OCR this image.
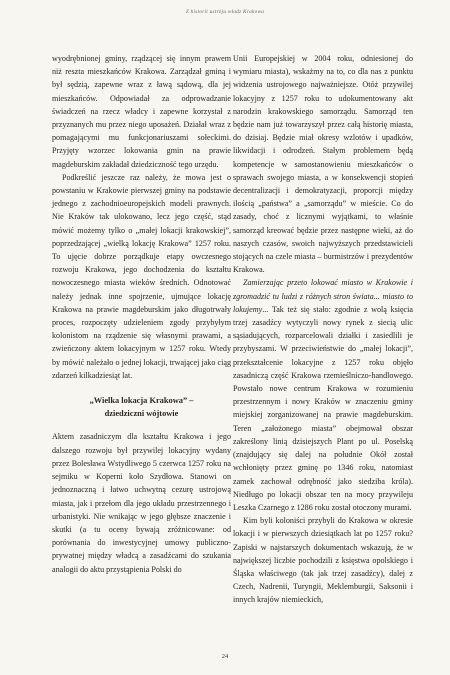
Z historii ustroju władz Krakowa

wyodrębnionej gminy, rządzącej się innym prawem niż reszta mieszkańców Krakowa. Zarządzał gminą i był sędzią, zapewne wraz z ławą sądową, dla jej mieszkańców. Odpowiadał za odprowadzanie świadczeń na rzecz władcy i zapewne korzystał z przyznanych mu przez niego uposażeń. Działał wraz z pomagającymi mu funkcjonariuszami sołeckimi. Przyjęty wzorzec lokowania gmin na prawie magdeburskim zakładał dziedziczność tego urzędu.

Podkreślić jeszcze raz należy, że mowa jest o powstaniu w Krakowie pierwszej gminy na podstawie jednego z zachodnioeuropejskich modeli prawnych. Nie Kraków tak ulokowano, lecz jego część, stąd mówić możemy tylko o „małej lokacji krakowskiej”, poprzedzającej „wielką lokację Krakowa” 1257 roku. To ujęcie dobrze porządkuje etapy owczesnego rozwoju Krakowa, jego dochodzenia do kształtu nowoczesnego miasta wieków średnich. Odnotować należy jednak inne spojrzenie, ujmujące lokację Krakowa na prawie magdeburskim jako długotrwały proces, rozpoczęty udzieleniem zgody przybyłym kolonistom na rządzenie się własnymi prawami, a zwieńczony aktem lokacyjnym w 1257 roku. Wtedy by mówić należało o jednej lokacji, trwającej jako ciąg zdarzeń kilkadziesiąt lat.

„Wielka lokacja Krakowa” –
dziedziczni wójtowie

Aktem zasadniczym dla kształtu Krakowa i jego dalszego rozwoju był przywilej lokacyjny wydany przez Bolesława Wstydliwego 5 czerwca 1257 roku na sejmiku w Koperni koło Szydłowa. Stanowi on jednoznaczną i łatwo uchwytną cezurę ustrojową miasta, jak i przełom dla jego układu przestrzennego i urbanistyki. Nie wnikając w jego głębsze znaczenie i skutki (a tu oceny bywają zróżnicowane: od porównania do inwestycyjnej umowy publiczno-prywatnej między władcą a zasadźcami do szukania analogii do aktu przystąpienia Polski do

Unii Europejskiej w 2004 roku, odniesionej do wymiaru miasta), wskażmy na to, co dla nas z punktu widzenia ustrojowego najważniejsze. Otóż przywilej lokacyjny z 1257 roku to udokumentowany akt narodzin krakowskiego samorządu. Samorząd ten będzie nam już towarzyszył przez całą historię miasta, do dzisiaj. Będzie miał okresy wzlotów i upadków, likwidacji i odrodzeń. Stałym problemem będą kompetencje w samostanowieniu mieszkańców o sprawach swojego miasta, a w konsekwencji stopień decentralizacji i demokratyzacji, proporcji między ilością „państwa” a „samorządu” w mieście. Co do zasady, choć z licznymi wyjątkami, to właśnie samorząd kreować będzie przez następne wieki, aż do naszych czasów, swoich najwyższych przedstawicieli stojących na czele miasta – burmistrzów i prezydentów Krakowa.

Zamierzając przeto lokować miasto w Krakowie i zgromadzić tu ludzi z różnych stron świata... miasto to lokujemy... Tak też się stało: zgodnie z wolą księcia trzej zasadźcy wytyczyli nowy rynek z siecią ulic sąsiadujących, rozparcelowali działki i zasiedlili je przybyszami. W przeciwieństwie do „małej lokacji”, przekształcenie lokacyjne z 1257 roku objęło zasadniczą część Krakowa rzemieślniczo-handlowego. Powstało nowe centrum Krakowa w rozumieniu przestrzennym i nowy Kraków w znaczeniu gminy miejskiej zorganizowanej na prawie magdeburskim. Teren „założonego miasta” obejmował obszar zakreślony linią dzisiejszych Plant po ul. Poselską (znajdujący się dalej na południe Okół został wchłonięty przez gminę po 1346 roku, natomiast zamek zachował odrębność jako siedziba króla). Niedługo po lokacji obszar ten na mocy przywileju Leszka Czarnego z 1286 roku został otoczony murami.

Kim byli koloniści przybyli do Krakowa w okresie lokacji i w pierwszych dziesiątkach lat po 1257 roku? Zapiski w najstarszych dokumentach wskazują, że w największej liczbie pochodzili z księstwa opolskiego i Śląska właściwego (tak jak trzej zasadźcy), dalej z Czech, Nadrenii, Turyngii, Meklemburgii, Saksonii i innych krajów niemieckich,

24
